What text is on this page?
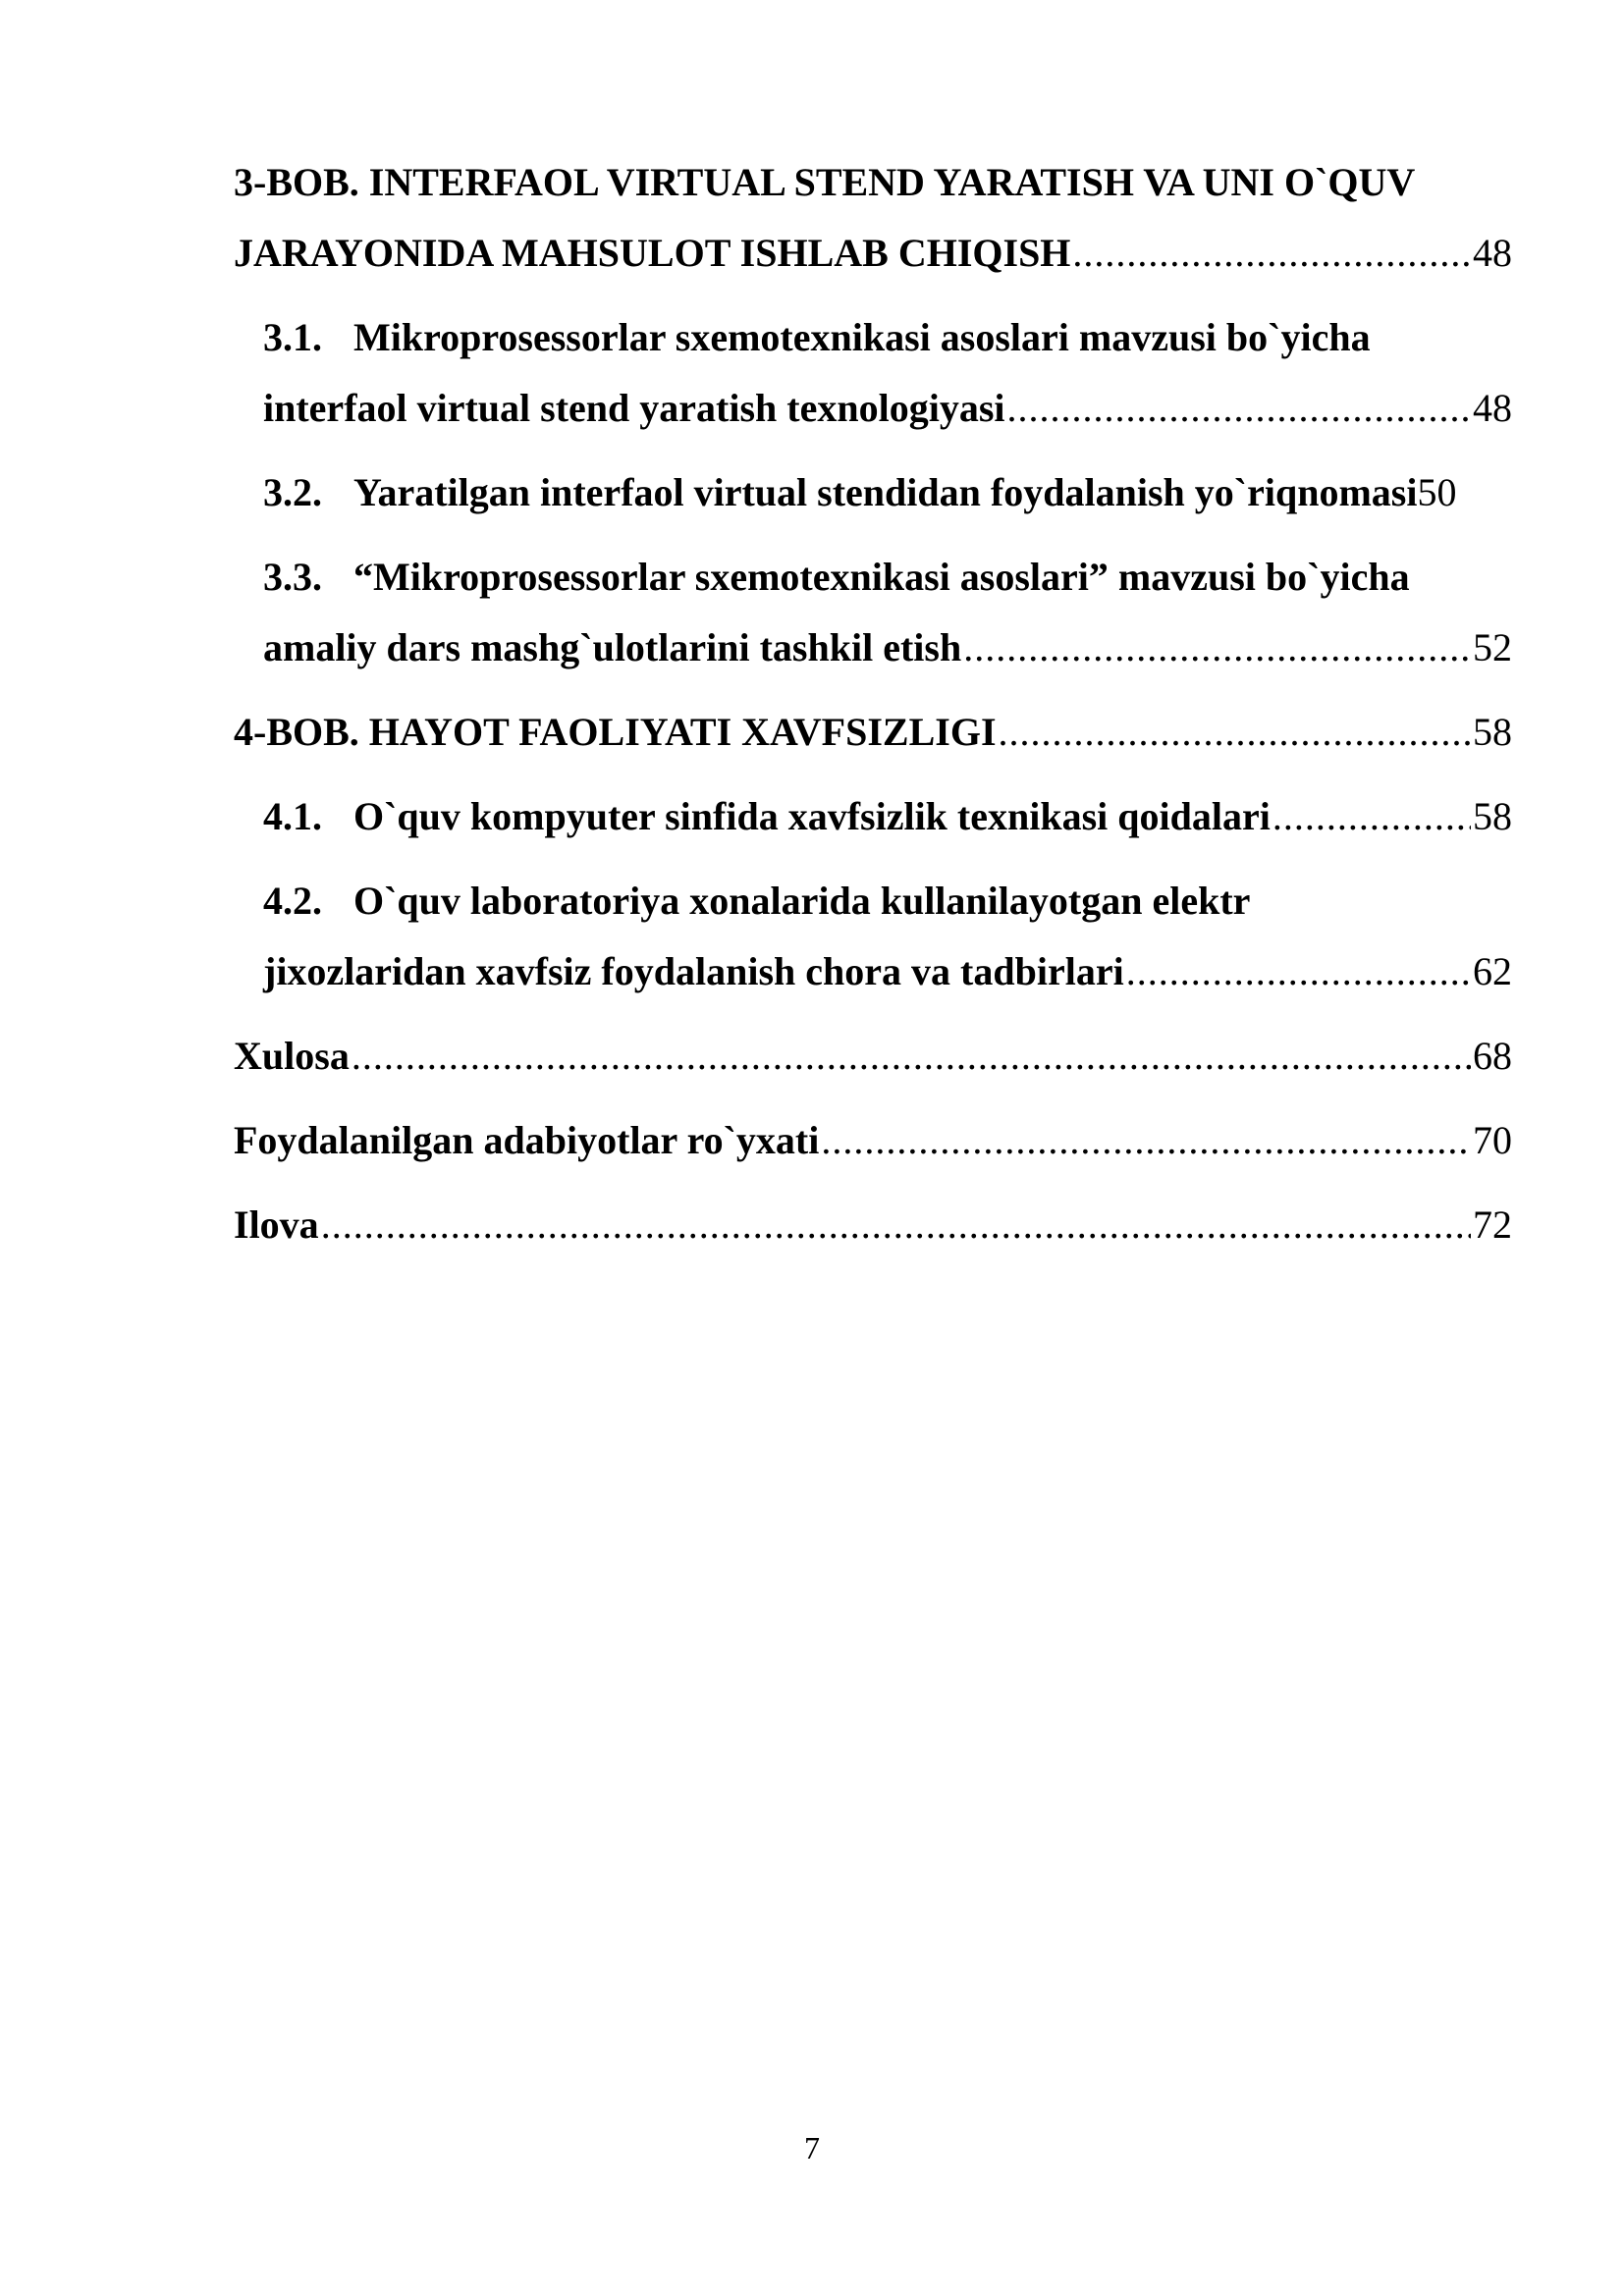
3-BOB. INTERFAOL VIRTUAL STEND YARATISH VA UNI O`QUV
JARAYONIDA MAHSULOT ISHLAB CHIQISH .....	48
3.1. Mikroprosessorlar sxemotexnikasi asoslari mavzusi bo`yicha
interfaol virtual stend yaratish texnologiyasi .....	48
3.2. Yaratilgan interfaol virtual stendidan foydalanish yo`riqnomasi 50
3.3. “Mikroprosessorlar sxemotexnikasi asoslari” mavzusi bo`yicha
amaliy dars mashg`ulotlarini tashkil etish .....	52
4-BOB. HAYOT FAOLIYATI XAVFSIZLIGI .....	58
4.1. O`quv kompyuter sinfida xavfsizlik texnikasi qoidalari .....	58
4.2. O`quv laboratoriya xonalarida kullanilayotgan elektr
jixozlaridan xavfsiz foydalanish chora va tadbirlari .....	62
Xulosa .....	68
Foydalanilgan adabiyotlar ro`yxati .....	70
Ilova .....	72
7
